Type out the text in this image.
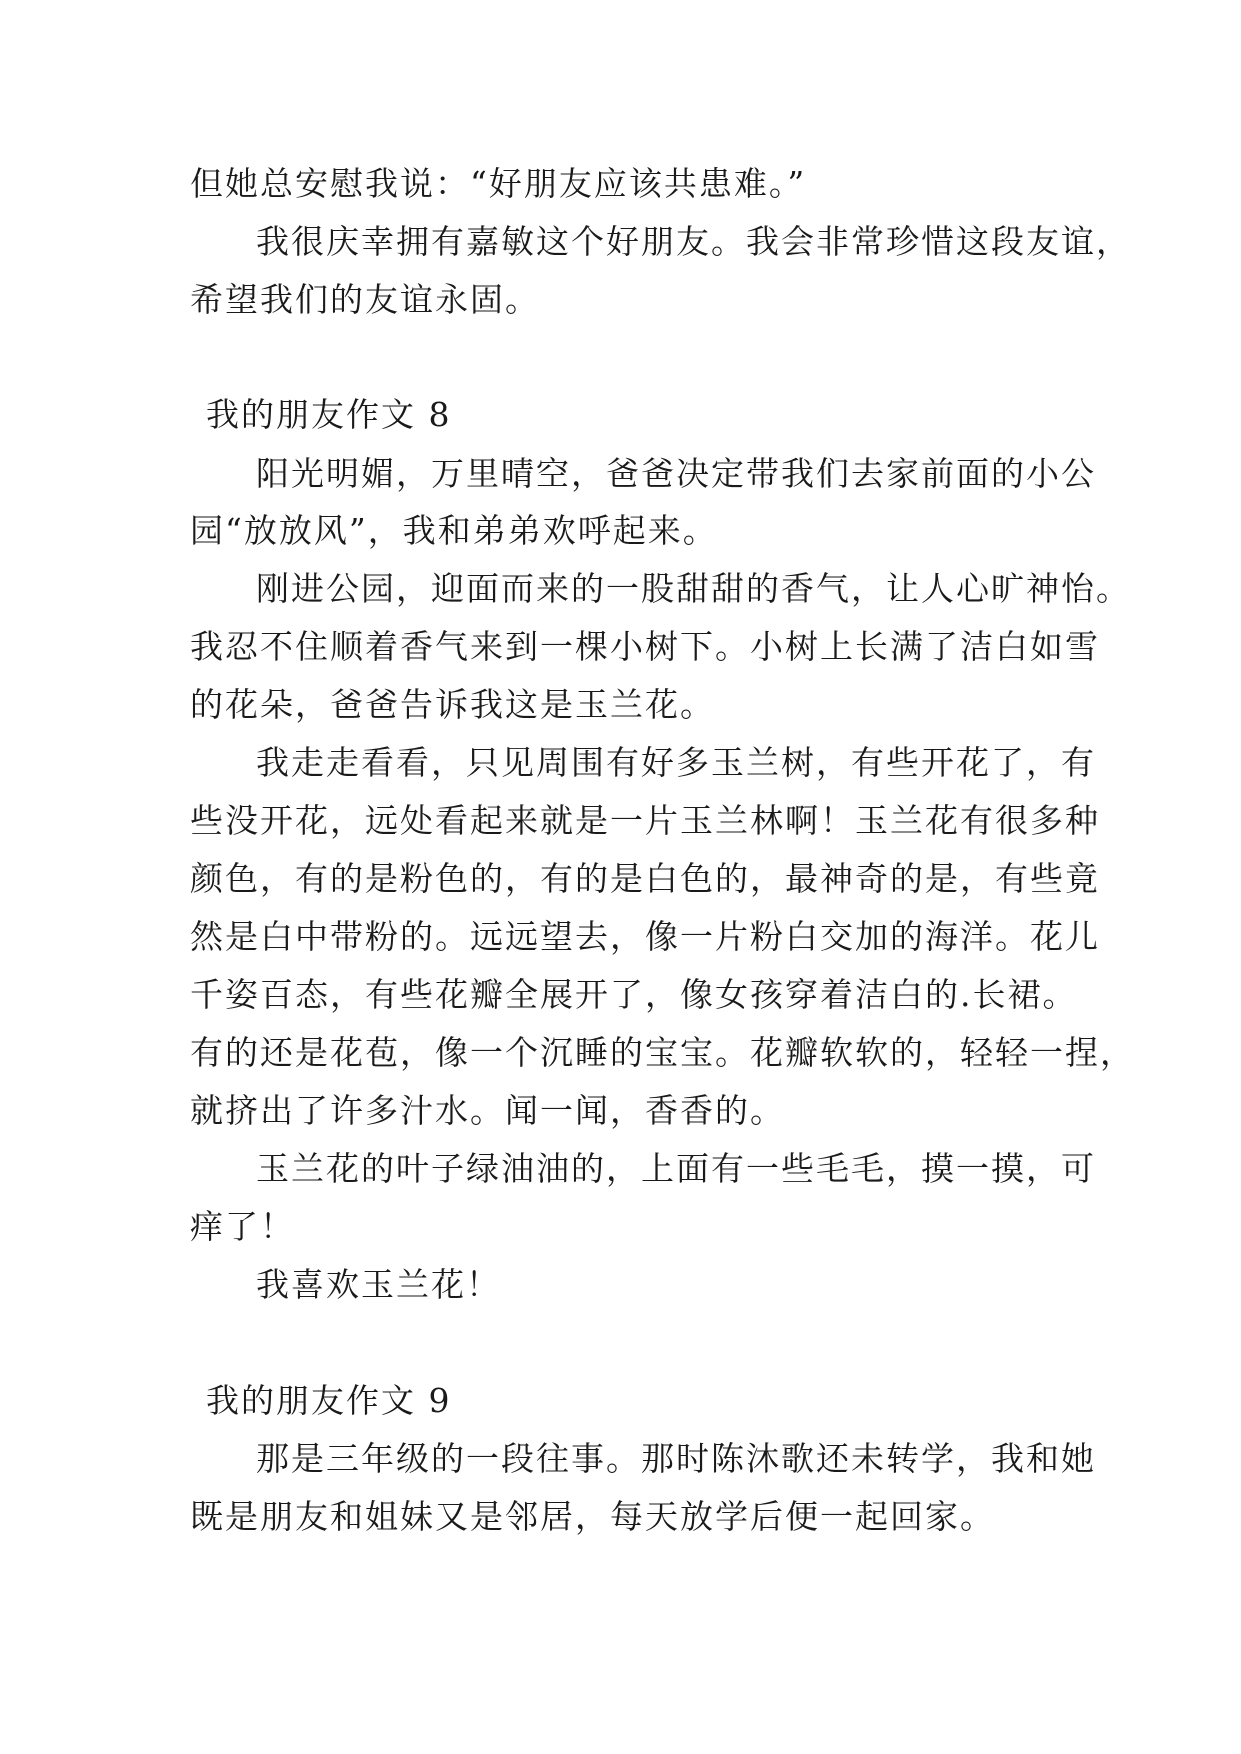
但她总安慰我说：“好朋友应该共患难。”
我很庆幸拥有嘉敏这个好朋友。我会非常珍惜这段友谊，
希望我们的友谊永固。
我的朋友作文 8
阳光明媚，万里晴空，爸爸决定带我们去家前面的小公
园“放放风”，我和弟弟欢呼起来。
刚进公园，迎面而来的一股甜甜的香气，让人心旷神怡。
我忍不住顺着香气来到一棵小树下。小树上长满了洁白如雪
的花朵，爸爸告诉我这是玉兰花。
我走走看看，只见周围有好多玉兰树，有些开花了，有
些没开花，远处看起来就是一片玉兰林啊！玉兰花有很多种
颜色，有的是粉色的，有的是白色的，最神奇的是，有些竟
然是白中带粉的。远远望去，像一片粉白交加的海洋。花儿
千姿百态，有些花瓣全展开了，像女孩穿着洁白的.长裙。
有的还是花苞，像一个沉睡的宝宝。花瓣软软的，轻轻一捏，
就挤出了许多汁水。闻一闻，香香的。
玉兰花的叶子绿油油的，上面有一些毛毛，摸一摸，可
痒了！
我喜欢玉兰花！
我的朋友作文 9
那是三年级的一段往事。那时陈沐歌还未转学，我和她
既是朋友和姐妹又是邻居，每天放学后便一起回家。
